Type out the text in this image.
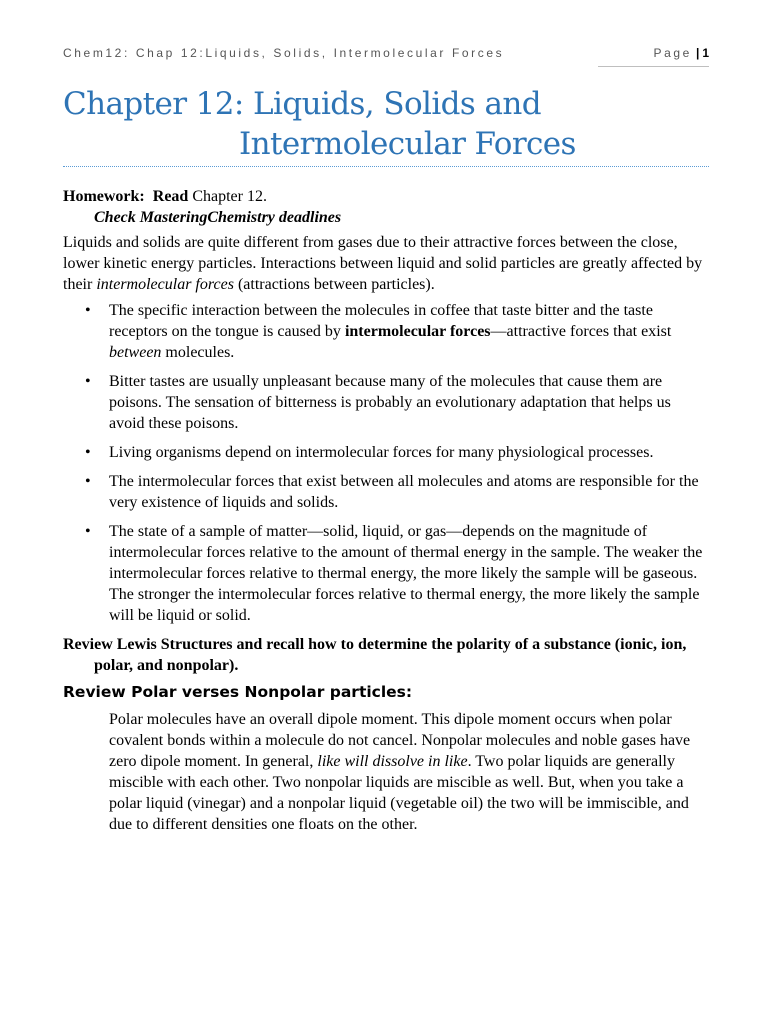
Chem12: Chap 12:Liquids, Solids, Intermolecular Forces	Page | 1
Chapter 12: Liquids, Solids and
Intermolecular Forces

Homework: Read Chapter 12.

Check MasteringChemistry deadlines

Liquids and solids are quite different from gases due to their attractive forces between the close, lower kinetic energy particles. Interactions between liquid and solid particles are greatly affected by their intermolecular forces (attractions between particles).

• The specific interaction between the molecules in coffee that taste bitter and the taste receptors on the tongue is caused by intermolecular forces—attractive forces that exist between molecules.
• Bitter tastes are usually unpleasant because many of the molecules that cause them are poisons. The sensation of bitterness is probably an evolutionary adaptation that helps us avoid these poisons.
• Living organisms depend on intermolecular forces for many physiological processes.
• The intermolecular forces that exist between all molecules and atoms are responsible for the very existence of liquids and solids.
• The state of a sample of matter—solid, liquid, or gas—depends on the magnitude of intermolecular forces relative to the amount of thermal energy in the sample. The weaker the intermolecular forces relative to thermal energy, the more likely the sample will be gaseous. The stronger the intermolecular forces relative to thermal energy, the more likely the sample will be liquid or solid.

Review Lewis Structures and recall how to determine the polarity of a substance (ionic, ion, polar, and nonpolar).

Review Polar verses Nonpolar particles:

Polar molecules have an overall dipole moment. This dipole moment occurs when polar covalent bonds within a molecule do not cancel. Nonpolar molecules and noble gases have zero dipole moment. In general, like will dissolve in like. Two polar liquids are generally miscible with each other. Two nonpolar liquids are miscible as well. But, when you take a polar liquid (vinegar) and a nonpolar liquid (vegetable oil) the two will be immiscible, and due to different densities one floats on the other.
